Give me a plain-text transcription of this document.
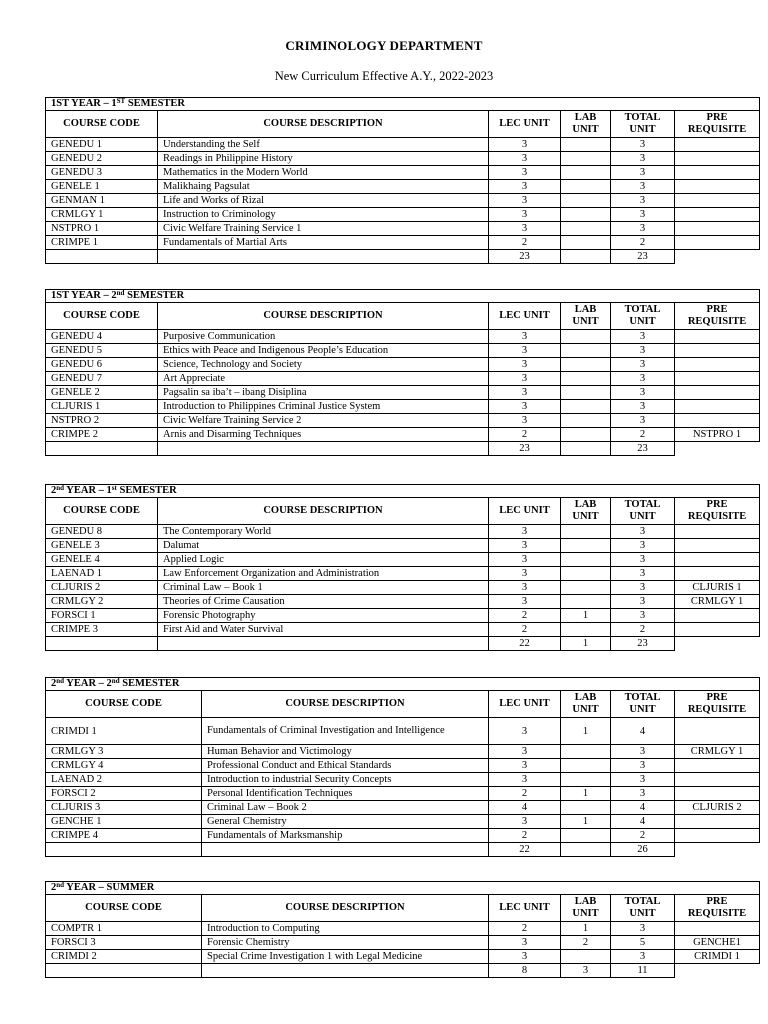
CRIMINOLOGY DEPARTMENT
New Curriculum Effective A.Y., 2022-2023
1ST YEAR – 1ST SEMESTER					
COURSE CODE	COURSE DESCRIPTION	LEC UNIT	LAB UNIT	TOTAL UNIT	PRE REQUISITE
GENEDU 1	Understanding the Self	3		3	
GENEDU 2	Readings in Philippine History	3		3	
GENEDU 3	Mathematics in the Modern World	3		3	
GENELE 1	Malikhaing Pagsulat	3		3	
GENMAN 1	Life and Works of Rizal	3		3	
CRMLGY 1	Instruction to Criminology	3		3	
NSTPRO 1	Civic Welfare Training Service 1	3		3	
CRIMPE 1	Fundamentals of Martial Arts	2		2	
		23		23	
1ST YEAR – 2nd SEMESTER					
COURSE CODE	COURSE DESCRIPTION	LEC UNIT	LAB UNIT	TOTAL UNIT	PRE REQUISITE
GENEDU 4	Purposive Communication	3		3	
GENEDU 5	Ethics with Peace and Indigenous People’s Education	3		3	
GENEDU 6	Science, Technology and Society	3		3	
GENEDU 7	Art Appreciate	3		3	
GENELE 2	Pagsalin sa iba’t – ibang Disiplina	3		3	
CLJURIS 1	Introduction to Philippines Criminal Justice System	3		3	
NSTPRO 2	Civic Welfare Training Service 2	3		3	
CRIMPE 2	Arnis and Disarming Techniques	2		2	NSTPRO 1
		23		23	
2nd YEAR – 1st SEMESTER					
COURSE CODE	COURSE DESCRIPTION	LEC UNIT	LAB UNIT	TOTAL UNIT	PRE REQUISITE
GENEDU 8	The Contemporary World	3		3	
GENELE 3	Dalumat	3		3	
GENELE 4	Applied Logic	3		3	
LAENAD 1	Law Enforcement Organization and Administration	3		3	
CLJURIS 2	Criminal Law – Book 1	3		3	CLJURIS 1
CRMLGY 2	Theories of Crime Causation	3		3	CRMLGY 1
FORSCI 1	Forensic Photography	2	1	3	
CRIMPE 3	First Aid and Water Survival	2		2	
		22	1	23	
2nd YEAR – 2nd SEMESTER					
COURSE CODE	COURSE DESCRIPTION	LEC UNIT	LAB UNIT	TOTAL UNIT	PRE REQUISITE
CRIMDI 1	Fundamentals of Criminal Investigation and Intelligence	3	1	4	
CRMLGY 3	Human Behavior and Victimology	3		3	CRMLGY 1
CRMLGY 4	Professional Conduct and Ethical Standards	3		3	
LAENAD 2	Introduction to industrial Security Concepts	3		3	
FORSCI 2	Personal Identification Techniques	2	1	3	
CLJURIS 3	Criminal Law – Book 2	4		4	CLJURIS 2
GENCHE 1	General Chemistry	3	1	4	
CRIMPE 4	Fundamentals of Marksmanship	2		2	
		22		26	
2nd YEAR – SUMMER					
COURSE CODE	COURSE DESCRIPTION	LEC UNIT	LAB UNIT	TOTAL UNIT	PRE REQUISITE
COMPTR 1	Introduction to Computing	2	1	3	
FORSCI 3	Forensic Chemistry	3	2	5	GENCHE1
CRIMDI 2	Special Crime Investigation 1 with Legal Medicine	3		3	CRIMDI 1
		8	3	11	
